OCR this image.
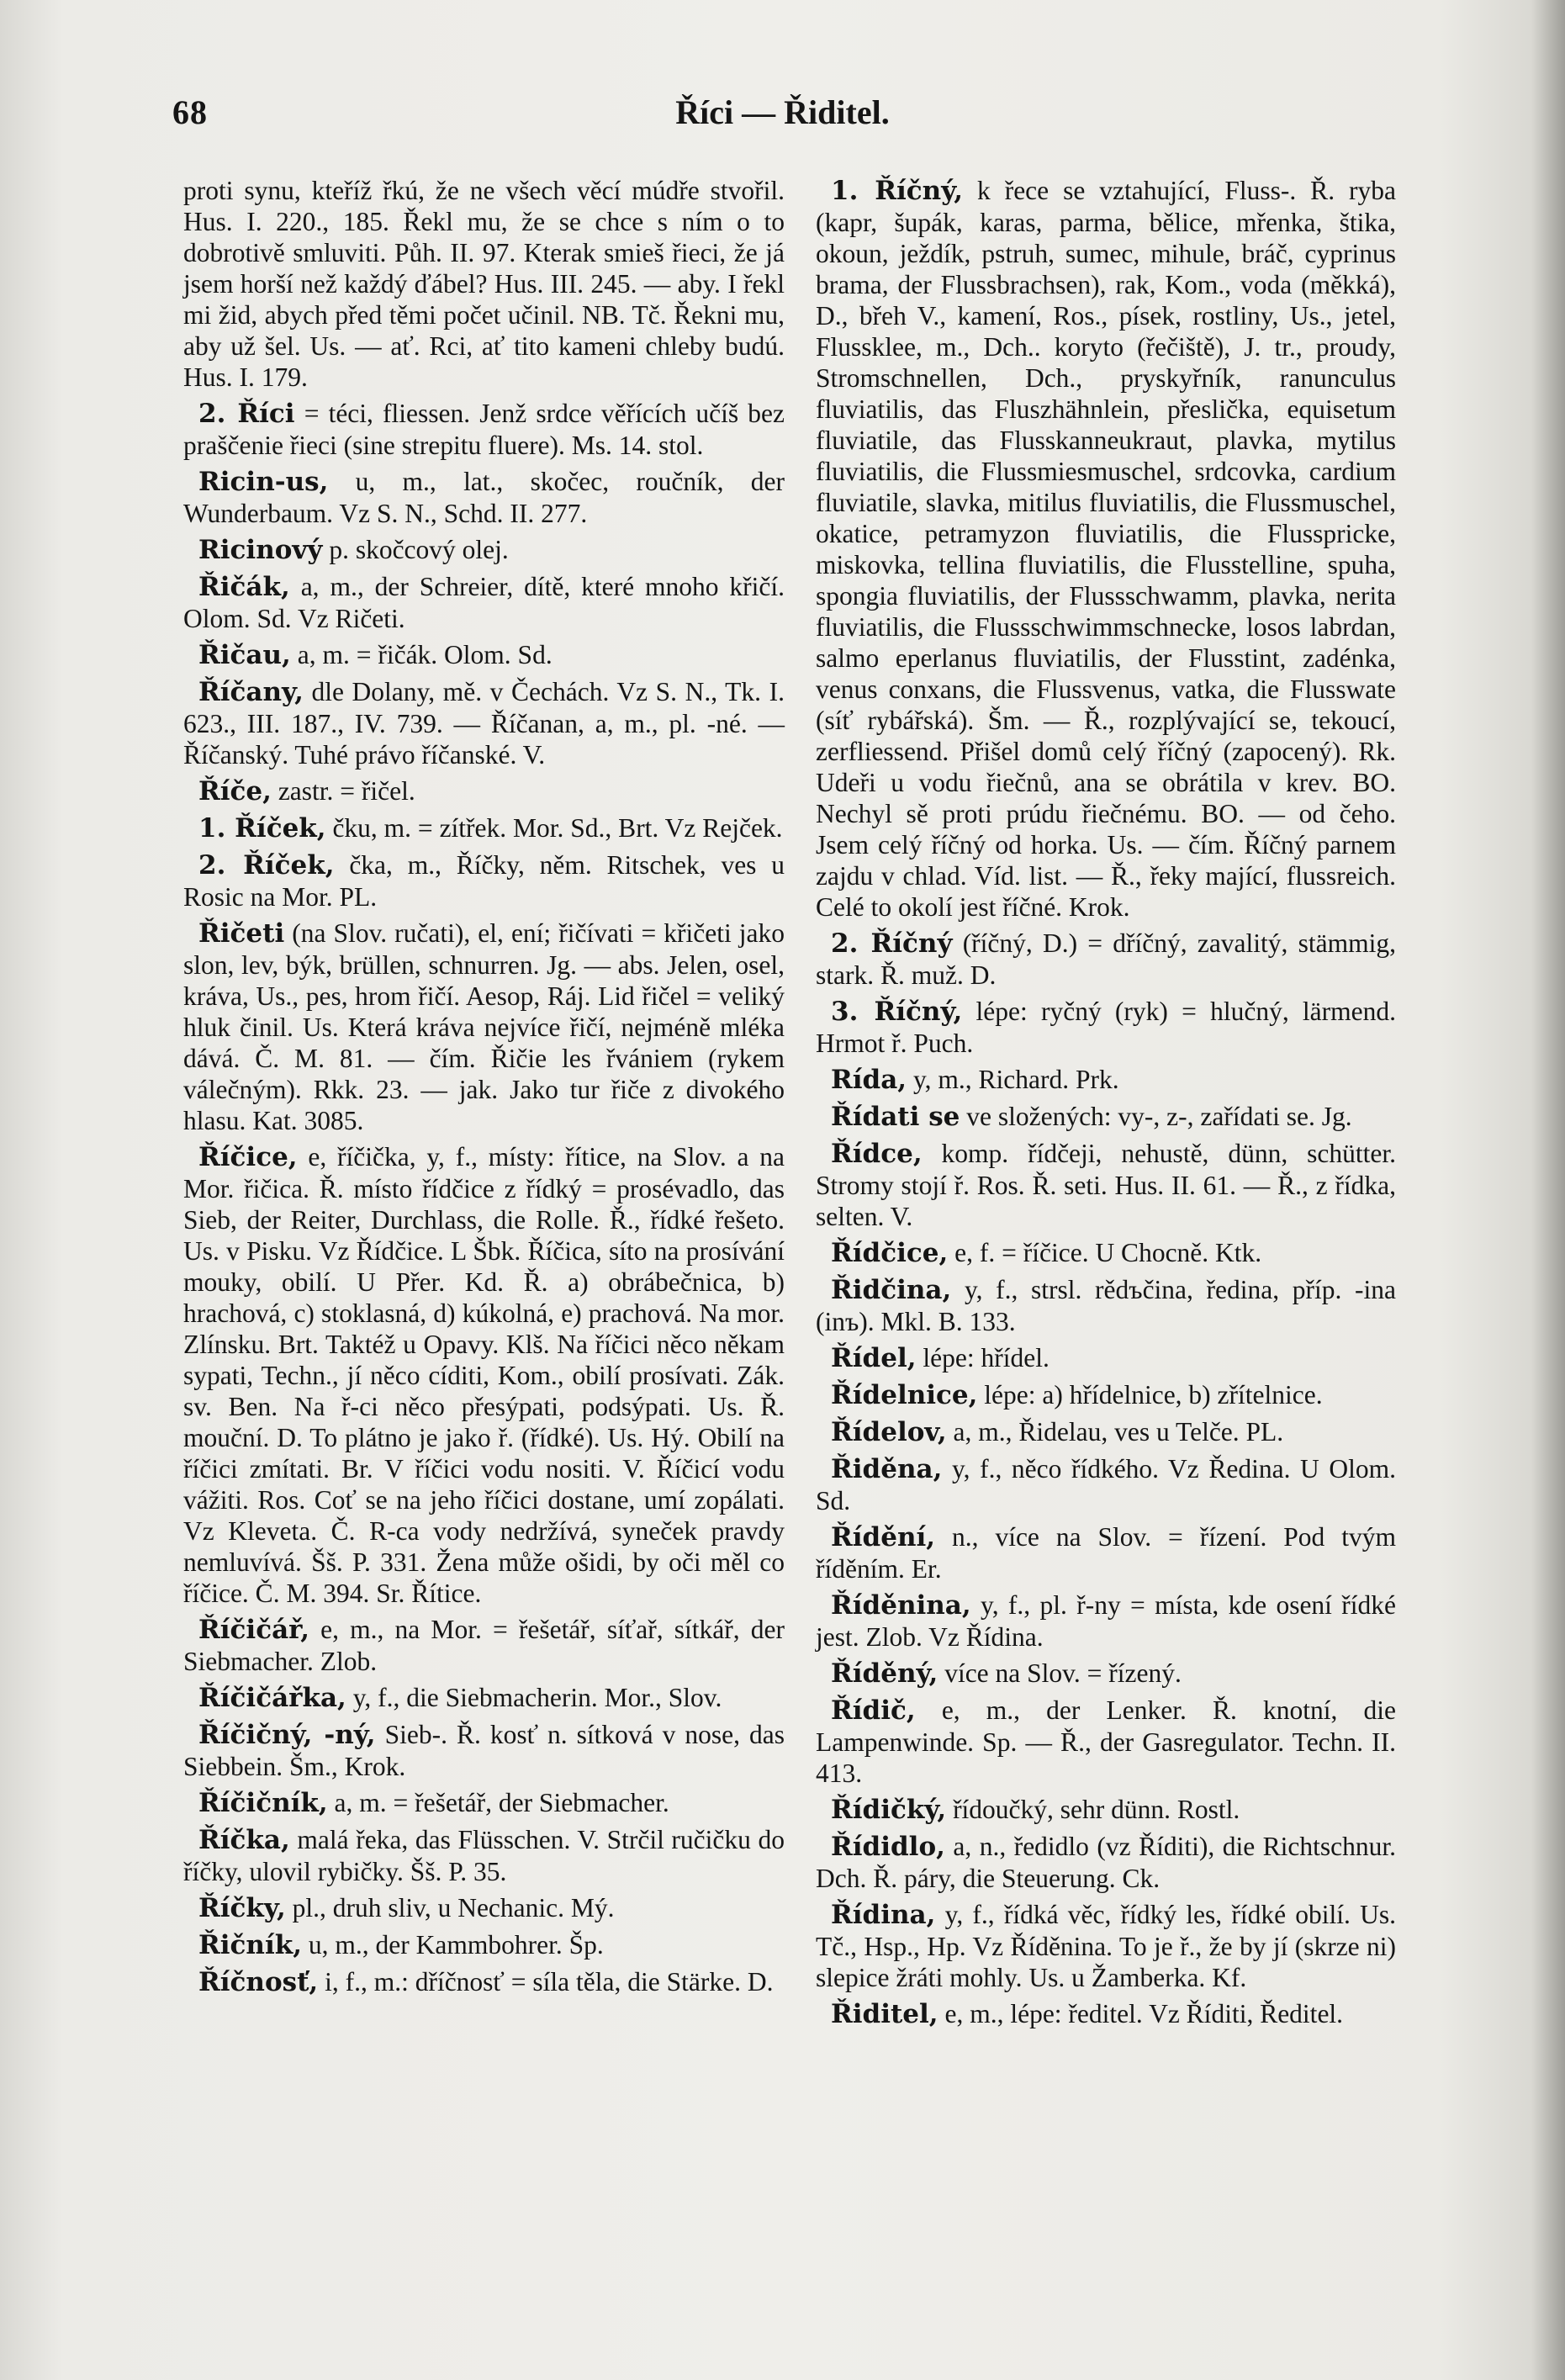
Říci — Řiditel.
68

proti synu, kteříž řkú, že ne všech věcí múdře stvořil. Hus. I. 220., 185. Řekl mu, že se chce s ním o to dobrotivě smluviti. Půh. II. 97. Kterak smieš řieci, že já jsem horší než každý ďábel? Hus. III. 245. — aby. I řekl mi žid, abych před těmi počet učinil. NB. Tč. Řekni mu, aby už šel. Us. — ať. Rci, ať tito kameni chleby budú. Hus. I. 179.

2. Říci = téci, fliessen. Jenž srdce věřících učíš bez praščenie řieci (sine strepitu fluere). Ms. 14. stol.

Ricin-us, u, m., lat., skočec, roučník, der Wunderbaum. Vz S. N., Schd. II. 277.

Ricinový p. skočcový olej.

Řičák, a, m., der Schreier, dítě, které mnoho křičí. Olom. Sd. Vz Ričeti.

Řičau, a, m. = řičák. Olom. Sd.

Říčany, dle Dolany, mě. v Čechách. Vz S. N., Tk. I. 623., III. 187., IV. 739. — Říčanan, a, m., pl. -né. — Říčanský. Tuhé právo říčanské. V.

Říče, zastr. = řičel.

1. Říček, čku, m. = zítřek. Mor. Sd., Brt. Vz Rejček.

2. Říček, čka, m., Říčky, něm. Ritschek, ves u Rosic na Mor. PL.

Řičeti (na Slov. ručati), el, ení; řičívati = křičeti jako slon, lev, býk, brüllen, schnurren. Jg. — abs. Jelen, osel, kráva, Us., pes, hrom řičí. Aesop, Ráj. Lid řičel = veliký hluk činil. Us. Která kráva nejvíce řičí, nejméně mléka dává. Č. M. 81. — čím. Řičie les řvániem (rykem válečným). Rkk. 23. — jak. Jako tur řiče z divokého hlasu. Kat. 3085.

Říčice, e, říčička, y, f., místy: řítice, na Slov. a na Mor. řičica. Ř. místo řídčice z řídký = prosévadlo, das Sieb, der Reiter, Durchlass, die Rolle. Ř., řídké řešeto. Us. v Pisku. Vz Řídčice. L Šbk. Říčica, síto na prosívání mouky, obilí. U Přer. Kd. Ř. a) obrábečnica, b) hrachová, c) stoklasná, d) kúkolná, e) prachová. Na mor. Zlínsku. Brt. Taktéž u Opavy. Klš. Na říčici něco někam sypati, Techn., jí něco cíditi, Kom., obilí prosívati. Zák. sv. Ben. Na ř-ci něco přesýpati, podsýpati. Us. Ř. mouční. D. To plátno je jako ř. (řídké). Us. Hý. Obilí na říčici zmítati. Br. V říčici vodu nositi. V. Říčicí vodu vážiti. Ros. Coť se na jeho říčici dostane, umí zopálati. Vz Kleveta. Č. R-ca vody nedržívá, syneček pravdy nemluvívá. Šš. P. 331. Žena může ošidi, by oči měl co říčice. Č. M. 394. Sr. Řítice.

Říčičář, e, m., na Mor. = řešetář, síťař, sítkář, der Siebmacher. Zlob.

Říčičářka, y, f., die Siebmacherin. Mor., Slov.

Říčičný, -ný, Sieb-. Ř. kosť n. sítková v nose, das Siebbein. Šm., Krok.

Říčičník, a, m. = řešetář, der Siebmacher.

Říčka, malá řeka, das Flüsschen. V. Strčil ručičku do říčky, ulovil rybičky. Šš. P. 35.

Říčky, pl., druh sliv, u Nechanic. Mý.

Řičník, u, m., der Kammbohrer. Šp.

Říčnosť, i, f., m.: dříčnosť = síla těla, die Stärke. D.

1. Říčný, k řece se vztahující, Fluss-. Ř. ryba (kapr, šupák, karas, parma, bělice, mřenka, štika, okoun, ježdík, pstruh, sumec, mihule, bráč, cyprinus brama, der Flussbrachsen), rak, Kom., voda (měkká), D., břeh V., kamení, Ros., písek, rostliny, Us., jetel, Flussklee, m., Dch.. koryto (řečiště), J. tr., proudy, Stromschnellen, Dch., pryskyřník, ranunculus fluviatilis, das Fluszhähnlein, přeslička, equisetum fluviatile, das Flusskanneukraut, plavka, mytilus fluviatilis, die Flussmiesmuschel, srdcovka, cardium fluviatile, slavka, mitilus fluviatilis, die Flussmuschel, okatice, petramyzon fluviatilis, die Flusspricke, miskovka, tellina fluviatilis, die Flusstelline, spuha, spongia fluviatilis, der Flussschwamm, plavka, nerita fluviatilis, die Flussschwimmschnecke, losos labrdan, salmo eperlanus fluviatilis, der Flusstint, zadénka, venus conxans, die Flussvenus, vatka, die Flusswate (síť rybářská). Šm. — Ř., rozplývající se, tekoucí, zerfliessend. Přišel domů celý říčný (zapocený). Rk. Udeři u vodu řiečnů, ana se obrátila v krev. BO. Nechyl sě proti prúdu řiečnému. BO. — od čeho. Jsem celý říčný od horka. Us. — čím. Říčný parnem zajdu v chlad. Víd. list. — Ř., řeky mající, flussreich. Celé to okolí jest říčné. Krok.

2. Říčný (říčný, D.) = dříčný, zavalitý, stämmig, stark. Ř. muž. D.

3. Říčný, lépe: ryčný (ryk) = hlučný, lärmend. Hrmot ř. Puch.

Rída, y, m., Richard. Prk.

Řídati se ve složených: vy-, z-, zařídati se. Jg.

Řídce, komp. řídčeji, nehustě, dünn, schütter. Stromy stojí ř. Ros. Ř. seti. Hus. II. 61. — Ř., z řídka, selten. V.

Řídčice, e, f. = říčice. U Chocně. Ktk.

Řidčina, y, f., strsl. rědъčina, ředina, příp. -ina (inъ). Mkl. B. 133.

Řídel, lépe: hřídel.

Řídelnice, lépe: a) hřídelnice, b) zřítelnice.

Řídelov, a, m., Řidelau, ves u Telče. PL.

Řiděna, y, f., něco řídkého. Vz Ředina. U Olom. Sd.

Řídění, n., více na Slov. = řízení. Pod tvým říděním. Er.

Říděnina, y, f., pl. ř-ny = místa, kde osení řídké jest. Zlob. Vz Řídina.

Říděný, více na Slov. = řízený.

Řídič, e, m., der Lenker. Ř. knotní, die Lampenwinde. Sp. — Ř., der Gasregulator. Techn. II. 413.

Řídičký, řídoučký, sehr dünn. Rostl.

Řídidlo, a, n., ředidlo (vz Říditi), die Richtschnur. Dch. Ř. páry, die Steuerung. Ck.

Řídina, y, f., řídká věc, řídký les, řídké obilí. Us. Tč., Hsp., Hp. Vz Říděnina. To je ř., že by jí (skrze ni) slepice žráti mohly. Us. u Žamberka. Kf.

Řiditel, e, m., lépe: ředitel. Vz Říditi, Ředitel.
